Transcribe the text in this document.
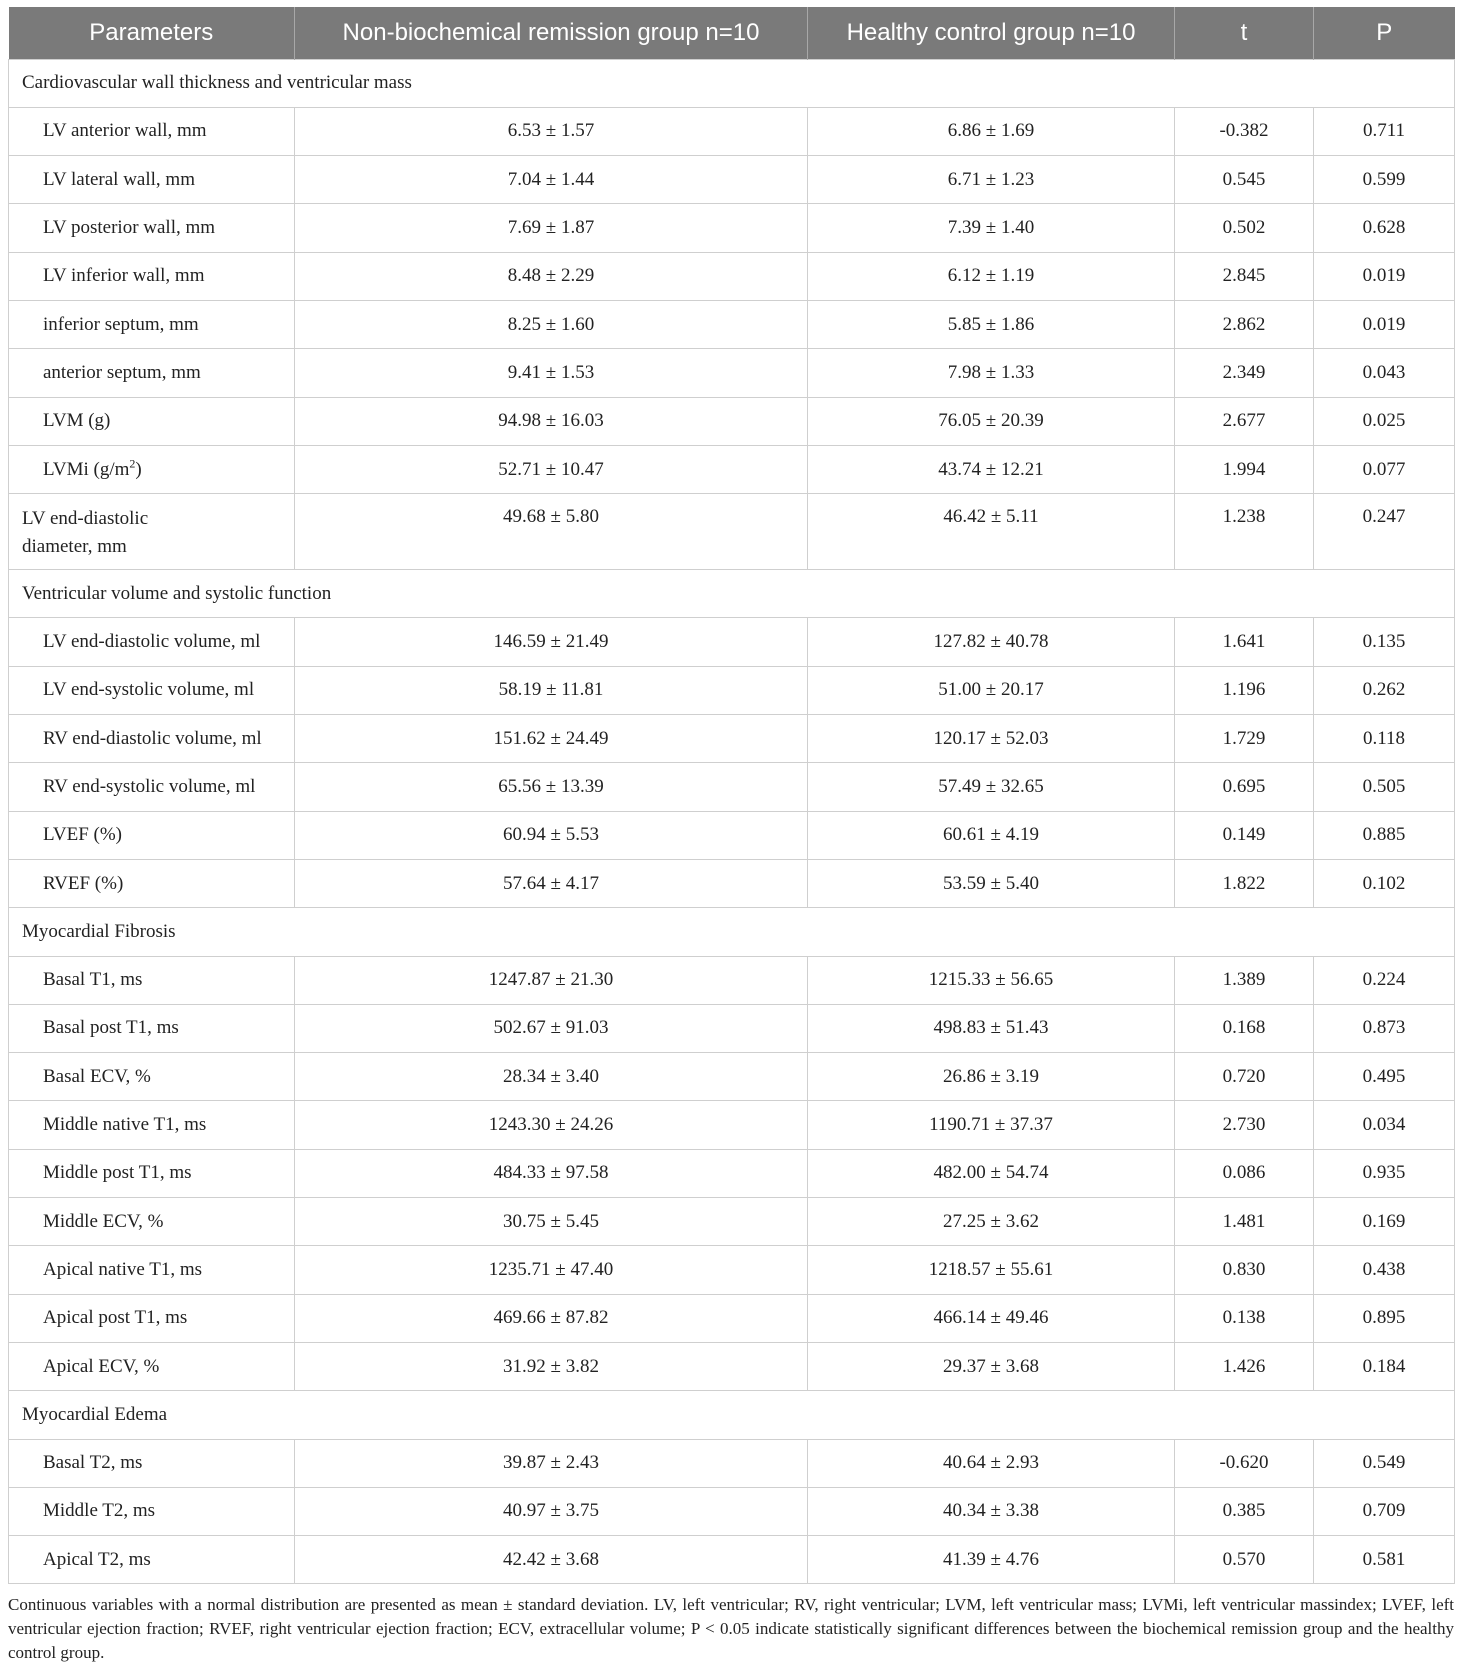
Parameters	Non-biochemical remission group n=10	Healthy control group n=10	t	P
Cardiovascular wall thickness and ventricular mass				
LV anterior wall, mm	6.53 ± 1.57	6.86 ± 1.69	-0.382	0.711
LV lateral wall, mm	7.04 ± 1.44	6.71 ± 1.23	0.545	0.599
LV posterior wall, mm	7.69 ± 1.87	7.39 ± 1.40	0.502	0.628
LV inferior wall, mm	8.48 ± 2.29	6.12 ± 1.19	2.845	0.019
inferior septum, mm	8.25 ± 1.60	5.85 ± 1.86	2.862	0.019
anterior septum, mm	9.41 ± 1.53	7.98 ± 1.33	2.349	0.043
LVM (g)	94.98 ± 16.03	76.05 ± 20.39	2.677	0.025
LVMi $(g/m^2)$	52.71 ± 10.47	43.74 ± 12.21	1.994	0.077
LV end-diastolic
diameter, mm	49.68 ± 5.80	46.42 ± 5.11	1.238	0.247
Ventricular volume and systolic function				
LV end-diastolic volume, ml	146.59 ± 21.49	127.82 ± 40.78	1.641	0.135
LV end-systolic volume, ml	58.19 ± 11.81	51.00 ± 20.17	1.196	0.262
RV end-diastolic volume, ml	151.62 ± 24.49	120.17 ± 52.03	1.729	0.118
RV end-systolic volume, ml	65.56 ± 13.39	57.49 ± 32.65	0.695	0.505
LVEF (%)	60.94 ± 5.53	60.61 ± 4.19	0.149	0.885
RVEF (%)	57.64 ± 4.17	53.59 ± 5.40	1.822	0.102
Myocardial Fibrosis				
Basal T1, ms	1247.87 ± 21.30	1215.33 ± 56.65	1.389	0.224
Basal post T1, ms	502.67 ± 91.03	498.83 ± 51.43	0.168	0.873
Basal ECV, %	28.34 ± 3.40	26.86 ± 3.19	0.720	0.495
Middle native T1, ms	1243.30 ± 24.26	1190.71 ± 37.37	2.730	0.034
Middle post T1, ms	484.33 ± 97.58	482.00 ± 54.74	0.086	0.935
Middle ECV, %	30.75 ± 5.45	27.25 ± 3.62	1.481	0.169
Apical native T1, ms	1235.71 ± 47.40	1218.57 ± 55.61	0.830	0.438
Apical post T1, ms	469.66 ± 87.82	466.14 ± 49.46	0.138	0.895
Apical ECV, %	31.92 ± 3.82	29.37 ± 3.68	1.426	0.184
Myocardial Edema				
Basal T2, ms	39.87 ± 2.43	40.64 ± 2.93	-0.620	0.549
Middle T2, ms	40.97 ± 3.75	40.34 ± 3.38	0.385	0.709
Apical T2, ms	42.42 ± 3.68	41.39 ± 4.76	0.570	0.581

Continuous variables with a normal distribution are presented as mean ± standard deviation. LV, left ventricular; RV, right ventricular; LVM, left ventricular mass; LVMi, left ventricular massindex; LVEF, left ventricular ejection fraction; RVEF, right ventricular ejection fraction; ECV, extracellular volume; P < 0.05 indicate statistically significant differences between the biochemical remission group and the healthy control group.
